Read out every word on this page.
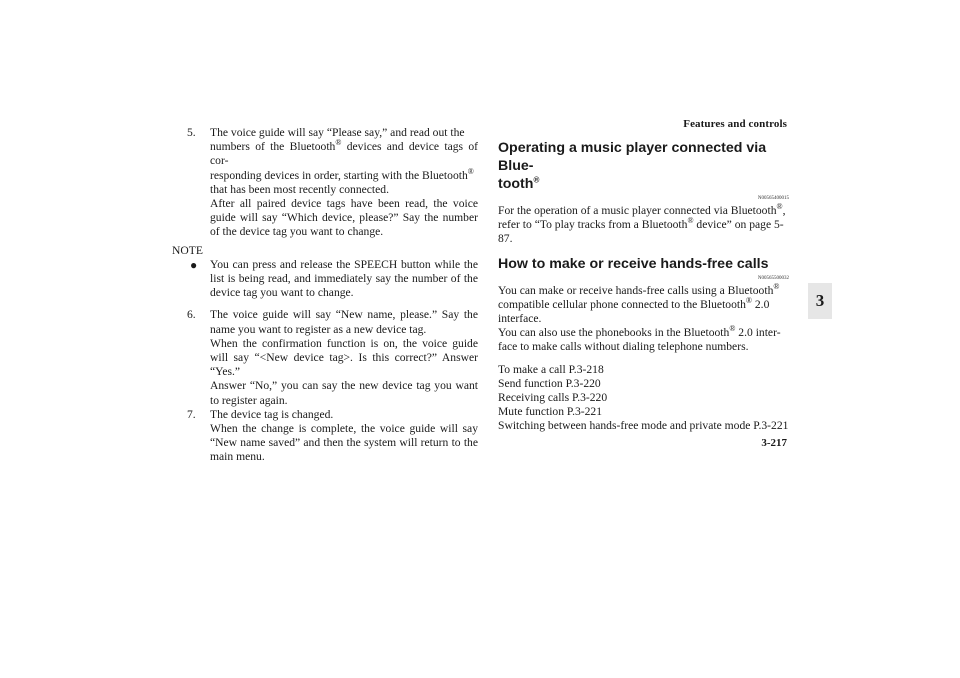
Features and controls
3-217
3
5. The voice guide will say “Please say,” and read out the
numbers of the Bluetooth® devices and device tags of cor-
responding devices in order, starting with the Bluetooth®
that has been most recently connected.

After all paired device tags have been read, the voice guide will say “Which device, please?” Say the number of the device tag you want to change.

NOTE

● You can press and release the SPEECH button while the list is being read, and immediately say the number of the device tag you want to change.
6. The voice guide will say “New name, please.” Say the name you want to register as a new device tag.

When the confirmation function is on, the voice guide will say “<New device tag>. Is this correct?” Answer “Yes.”

Answer “No,” you can say the new device tag you want to register again.

7. The device tag is changed.

When the change is complete, the voice guide will say “New name saved” and then the system will return to the main menu.

Operating a music player connected via Blue-
tooth®
N00565400015

For the operation of a music player connected via Bluetooth®,
refer to “To play tracks from a Bluetooth® device” on page 5-
87.

How to make or receive hands-free calls
N00565500032

You can make or receive hands-free calls using a Bluetooth®
compatible cellular phone connected to the Bluetooth® 2.0
interface.

You can also use the phonebooks in the Bluetooth® 2.0 inter-
face to make calls without dialing telephone numbers.

To make a call P.3-218

Send function P.3-220

Receiving calls P.3-220

Mute function P.3-221

Switching between hands-free mode and private mode P.3-221
